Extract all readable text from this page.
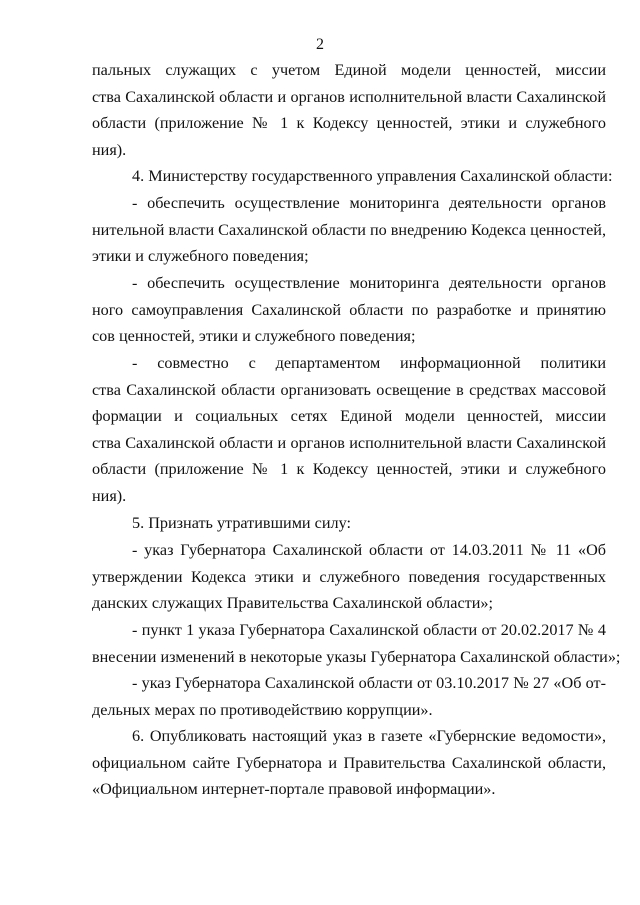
2
пальных служащих с учетом Единой модели ценностей, миссии
ства Сахалинской области и органов исполнительной власти Сахалинской
области (приложение № 1 к Кодексу ценностей, этики и служебного
ния).
4. Министерству государственного управления Сахалинской области:
- обеспечить осуществление мониторинга деятельности органов
нительной власти Сахалинской области по внедрению Кодекса ценностей,
этики и служебного поведения;
- обеспечить осуществление мониторинга деятельности органов
ного самоуправления Сахалинской области по разработке и принятию
сов ценностей, этики и служебного поведения;
- совместно с департаментом информационной политики
ства Сахалинской области организовать освещение в средствах массовой
формации и социальных сетях Единой модели ценностей, миссии
ства Сахалинской области и органов исполнительной власти Сахалинской
области (приложение № 1 к Кодексу ценностей, этики и служебного
ния).
5. Признать утратившими силу:
- указ Губернатора Сахалинской области от 14.03.2011 № 11 «Об
утверждении Кодекса этики и служебного поведения государственных
данских служащих Правительства Сахалинской области»;
- пункт 1 указа Губернатора Сахалинской области от 20.02.2017 № 4
внесении изменений в некоторые указы Губернатора Сахалинской области»;
- указ Губернатора Сахалинской области от 03.10.2017 № 27 «Об от-
дельных мерах по противодействию коррупции».
6. Опубликовать настоящий указ в газете «Губернские ведомости»,
официальном сайте Губернатора и Правительства Сахалинской области,
«Официальном интернет-портале правовой информации».
